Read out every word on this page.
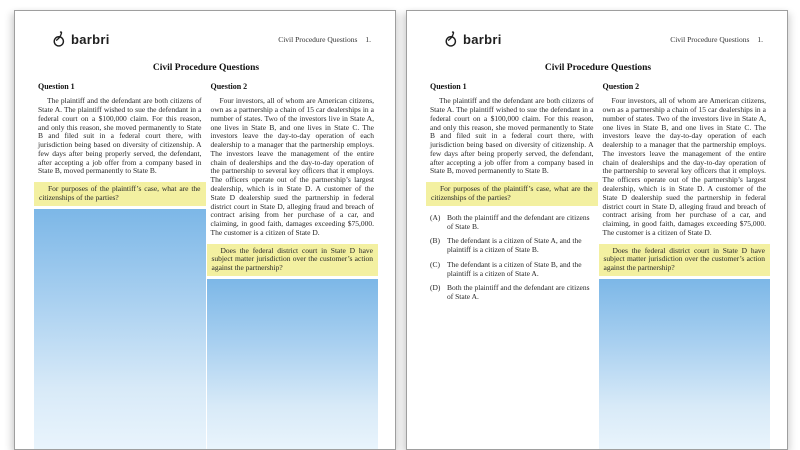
barbri	Civil Procedure Questions 1.
Civil Procedure Questions
Question 1

The plaintiff and the defendant are both citizens of State A. The plaintiff wished to sue the defendant in a federal court on a $100,000 claim. For this reason, and only this reason, she moved permanently to State B and filed suit in a federal court there, with jurisdiction being based on diversity of citizenship. A few days after being properly served, the defendant, after accepting a job offer from a company based in State B, moved permanently to State B.

For purposes of the plaintiff’s case, what are the citizenships of the parties?
Question 2

Four investors, all of whom are American citizens, own as a partnership a chain of 15 car dealerships in a number of states. Two of the investors live in State A, one lives in State B, and one lives in State C. The investors leave the day-to-day operation of each dealership to a manager that the partnership employs. The investors leave the management of the entire chain of dealerships and the day-to-day operation of the partnership to several key officers that it employs. The officers operate out of the partnership’s largest dealership, which is in State D. A customer of the State D dealership sued the partnership in federal district court in State D, alleging fraud and breach of contract arising from her purchase of a car, and claiming, in good faith, damages exceeding $75,000. The customer is a citizen of State D.

Does the federal district court in State D have subject matter jurisdiction over the customer’s action against the partnership?
barbri	Civil Procedure Questions 1.
Civil Procedure Questions
Question 1

The plaintiff and the defendant are both citizens of State A. The plaintiff wished to sue the defendant in a federal court on a $100,000 claim. For this reason, and only this reason, she moved permanently to State B and filed suit in a federal court there, with jurisdiction being based on diversity of citizenship. A few days after being properly served, the defendant, after accepting a job offer from a company based in State B, moved permanently to State B.

For purposes of the plaintiff’s case, what are the citizenships of the parties?
(A) Both the plaintiff and the defendant are citizens of State B.
(B) The defendant is a citizen of State A, and the plaintiff is a citizen of State B.
(C) The defendant is a citizen of State B, and the plaintiff is a citizen of State A.
(D) Both the plaintiff and the defendant are citizens of State A.
Question 2

Four investors, all of whom are American citizens, own as a partnership a chain of 15 car dealerships in a number of states. Two of the investors live in State A, one lives in State B, and one lives in State C. The investors leave the day-to-day operation of each dealership to a manager that the partnership employs. The investors leave the management of the entire chain of dealerships and the day-to-day operation of the partnership to several key officers that it employs. The officers operate out of the partnership’s largest dealership, which is in State D. A customer of the State D dealership sued the partnership in federal district court in State D, alleging fraud and breach of contract arising from her purchase of a car, and claiming, in good faith, damages exceeding $75,000. The customer is a citizen of State D.

Does the federal district court in State D have subject matter jurisdiction over the customer’s action against the partnership?
